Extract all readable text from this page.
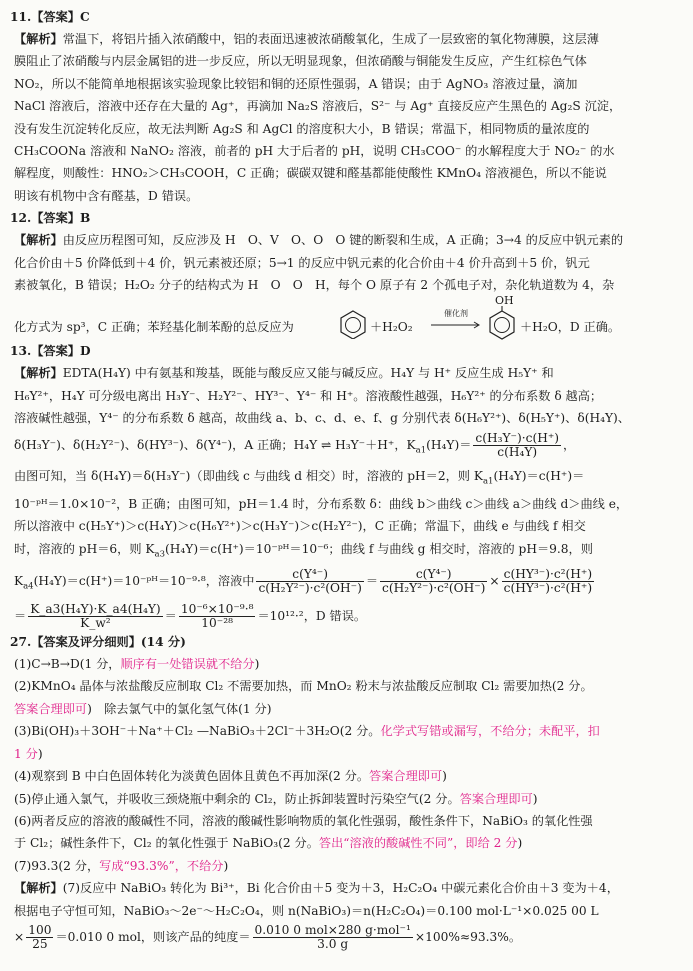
11.【答案】C
【解析】常温下，将铝片插入浓硝酸中，铝的表面迅速被浓硝酸氧化，生成了一层致密的氧化物薄膜，这层薄
膜阻止了浓硝酸与内层金属铝的进一步反应，所以无明显现象，但浓硝酸与铜能发生反应，产生红棕色气体
NO₂，所以不能简单地根据该实验现象比较铝和铜的还原性强弱，A 错误；由于 AgNO₃ 溶液过量，滴加
NaCl 溶液后，溶液中还存在大量的 Ag⁺，再滴加 Na₂S 溶液后，S²⁻ 与 Ag⁺ 直接反应产生黑色的 Ag₂S 沉淀，
没有发生沉淀转化反应，故无法判断 Ag₂S 和 AgCl 的溶度积大小，B 错误；常温下，相同物质的量浓度的
CH₃COONa 溶液和 NaNO₂ 溶液，前者的 pH 大于后者的 pH，说明 CH₃COO⁻ 的水解程度大于 NO₂⁻ 的水
解程度，则酸性：HNO₂＞CH₃COOH，C 正确；碳碳双键和醛基都能使酸性 KMnO₄ 溶液褪色，所以不能说
明该有机物中含有醛基，D 错误。
12.【答案】B
【解析】由反应历程图可知，反应涉及 H　O、V　O、O　O 键的断裂和生成，A 正确；3→4 的反应中钒元素的
化合价由＋5 价降低到＋4 价，钒元素被还原；5→1 的反应中钒元素的化合价由＋4 价升高到＋5 价，钒元
素被氧化，B 错误；H₂O₂ 分子的结构式为 H　O　O　H，每个 O 原子有 2 个孤电子对，杂化轨道数为 4，杂
化方式为 sp³，C 正确；苯羟基化制苯酚的总反应为	＋H₂O₂
催化剂
OH
＋H₂O，D 正确。
13.【答案】D
【解析】EDTA(H₄Y) 中有氨基和羧基，既能与酸反应又能与碱反应。H₄Y 与 H⁺ 反应生成 H₅Y⁺ 和
H₆Y²⁺，H₄Y 可分级电离出 H₃Y⁻、H₂Y²⁻、HY³⁻、Y⁴⁻ 和 H⁺。溶液酸性越强，H₆Y²⁺ 的分布系数 δ 越高；
溶液碱性越强，Y⁴⁻ 的分布系数 δ 越高，故曲线 a、b、c、d、e、f、g 分别代表 δ(H₆Y²⁺)、δ(H₅Y⁺)、δ(H₄Y)、
δ(H₃Y⁻)、δ(H₂Y²⁻)、δ(HY³⁻)、δ(Y⁴⁻)，A 正确；H₄Y ⇌ H₃Y⁻＋H⁺，$K_{a1}(H_4Y)= \frac{\text{c(H₃Y⁻)·c(H⁺)}}{\text{c(H₄Y)}}$ ，
由图可知，当 δ(H₄Y)＝δ(H₃Y⁻)（即曲线 c 与曲线 d 相交）时，溶液的 pH＝2，则 $K_{a1}(H_4Y)=c(H^+)=$
10⁻ᵖᴴ＝1.0×10⁻²，B 正确；由图可知，pH＝1.4 时，分布系数 δ：曲线 b＞曲线 c＞曲线 a＞曲线 d＞曲线 e，
所以溶液中 c(H₅Y⁺)＞c(H₄Y)＞c(H₆Y²⁺)＞c(H₃Y⁻)＞c(H₂Y²⁻)，C 正确；常温下，曲线 e 与曲线 f 相交
时，溶液的 pH＝6，则 $K_{a3}(H_4Y)=c(H^+)=10^-ᵖᴴ=10^{-6}$；曲线 f 与曲线 g 相交时，溶液的 pH＝9.8，则
$K_{a4}(H_4Y)=c(H^+)=10^-ᵖᴴ=10^{-9}\cdot^8$，溶液中 $\frac{\text{c(Y⁴⁻)}}{\text{c(H₂Y²⁻)·c²(OH⁻)}} = \frac{\text{c(Y⁴⁻)}}{\text{c(H₂Y²⁻)·c²(OH⁻)}} \times \frac{\text{c(HY³⁻)·c²(H⁺)}}{\text{c(HY³⁻)·c²(H⁺)}}$
＝ $\frac{\text{K\_a3(H₄Y)·K\_a4(H₄Y)}}{\text{K\_w²}} = \frac{\text{10⁻⁶×10⁻⁹·⁸}}{\text{10⁻²⁸}} =10^{12}\cdot^2$，D 错误。
27.【答案及评分细则】(14 分)
(1)C→B→D(1 分，顺序有一处错误就不给分)
(2)KMnO₄ 晶体与浓盐酸反应制取 Cl₂ 不需要加热，而 MnO₂ 粉末与浓盐酸反应制取 Cl₂ 需要加热(2 分。
答案合理即可)　除去氯气中的氯化氢气体(1 分)
(3)Bi(OH)₃＋3OH⁻＋Na⁺＋Cl₂ —NaBiO₃＋2Cl⁻＋3H₂O(2 分。化学式写错或漏写，不给分；未配平，扣
1 分)
(4)观察到 B 中白色固体转化为淡黄色固体且黄色不再加深(2 分。答案合理即可)
(5)停止通入氯气，并吸收三颈烧瓶中剩余的 Cl₂，防止拆卸装置时污染空气(2 分。答案合理即可)
(6)两者反应的溶液的酸碱性不同，溶液的酸碱性影响物质的氧化性强弱，酸性条件下，NaBiO₃ 的氧化性强
于 Cl₂；碱性条件下，Cl₂ 的氧化性强于 NaBiO₃(2 分。答出“溶液的酸碱性不同”，即给 2 分)
(7)93.3(2 分，写成“93.3%”，不给分)
【解析】(7)反应中 NaBiO₃ 转化为 Bi³⁺，Bi 化合价由＋5 变为＋3，H₂C₂O₄ 中碳元素化合价由＋3 变为＋4，
根据电子守恒可知，NaBiO₃～2e⁻～H₂C₂O₄，则 n(NaBiO₃)＝n(H₂C₂O₄)＝0.100 mol·L⁻¹×0.025 00 L
× $\frac{100}{25} =0.010$ 0 mol，则该产品的纯度＝ $\frac{\text{0.010 0 mol×280 g·mol⁻¹}}{3.0 g} \times 100\%\approx 93.3\%$。
